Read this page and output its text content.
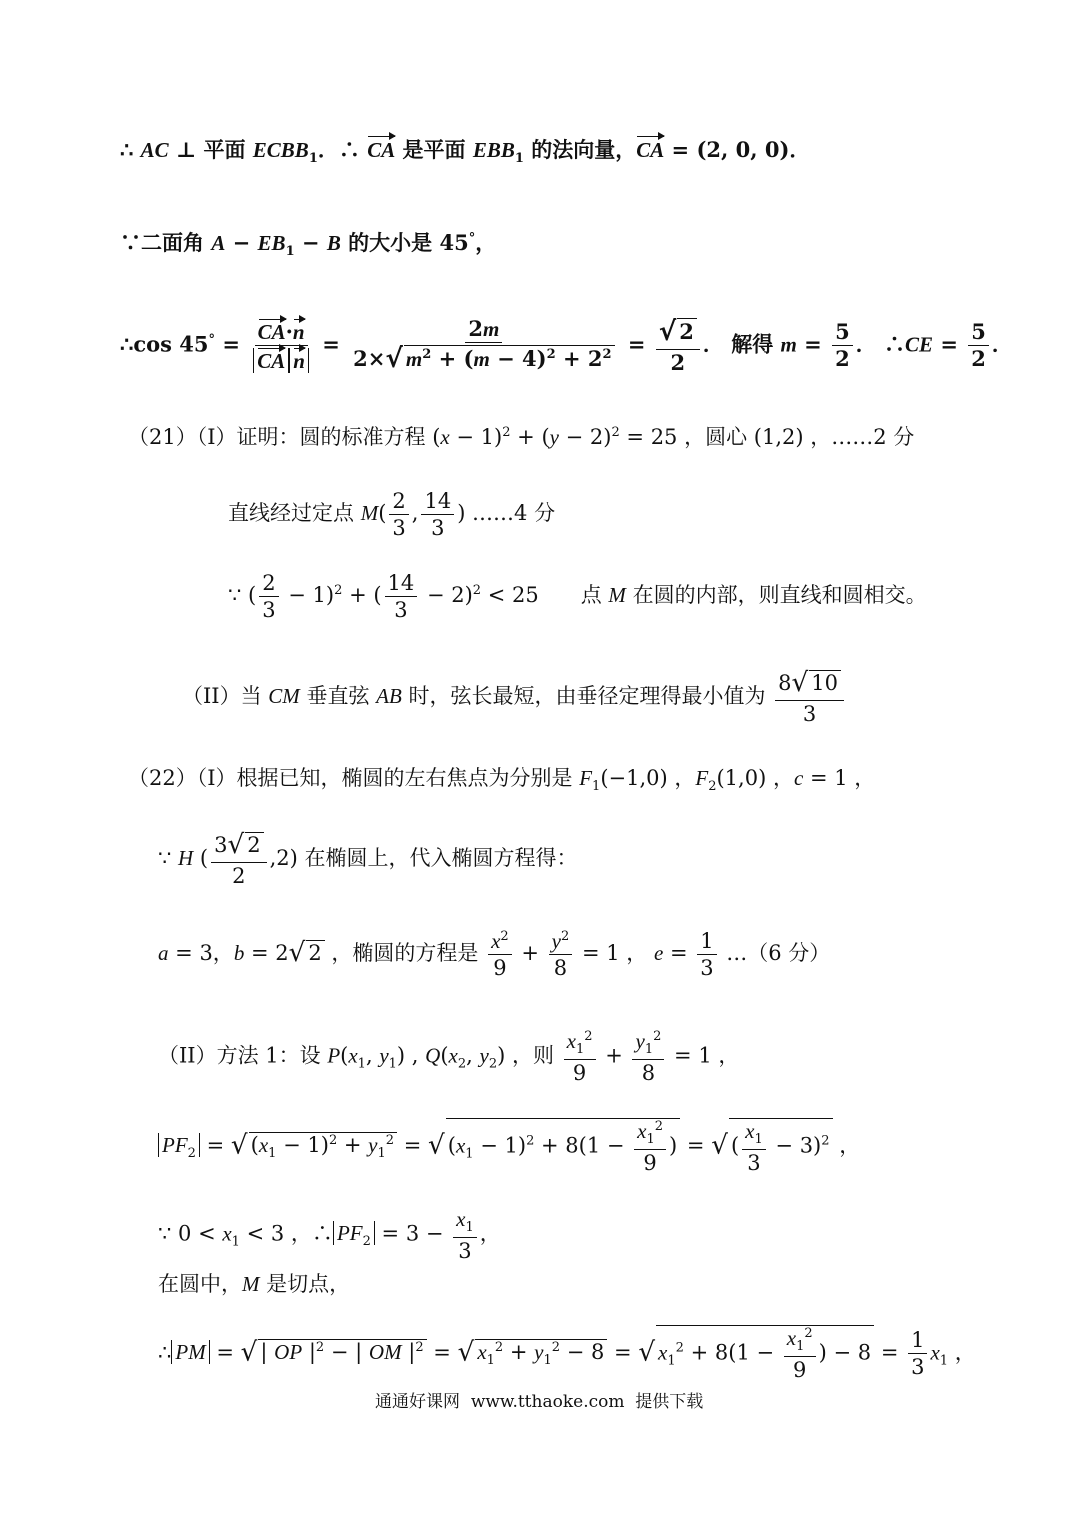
∴ AC ⊥ 平面 $ECBB_1$．∴ CA 是平面 $EBB_1$ 的法向量，CA = (2, 0, 0)．
∵二面角 $A - EB_1 - B$ 的大小是 45°，
∴cos $45^\circ = \frac{CA\cdot n}{\text{CA n}} = \frac{2m}{2\times√ m^2 + (m - 4)^2 + 2^2} = \frac{√ 2}{2}$ ． 解得 $m = \frac{5}{2}$ ． ∴CE = $\frac{5}{2}$ ．
（21）（I）证明：圆的标准方程 $(x - 1)^2 + (y - 2)^2 = 25$ ，圆心 (1,2) ，……2 分
直线经过定点 $M( \frac{2}{3}$ , $\frac{14}{3}$ ) ……4 分
∵ ( $\frac{2}{3} - 1)^2$ + ( $\frac{14}{3} - 2)^2 < 25$　　点 M 在圆的内部，则直线和圆相交。
（II）当 CM 垂直弦 AB 时，弦长最短，由垂径定理得最小值为 $\frac{8√ 10}{3}$
（22）（I）根据已知，椭圆的左右焦点为分别是 $F_1(-1,0)$ ，$F_2(1,0)$ ，c = 1 ，
∵ H ( $\frac{3√ 2}{2} ,2$) 在椭圆上，代入椭圆方程得：
a = 3，b = 2√ 2 ，椭圆的方程是 $\frac{x^2}{9} + \frac{y^2}{8} = 1$ ， $e = \frac{1}{3}$ …（6 分）
（II）方法 1：设 $P(x_1$, $y_1$) , $Q(x_2$, $y_2$) ，则 $\frac{x_1^2}{9} + \frac{y_1^2}{8} = 1$ ，
$PF_2$ = √ $(x_1 - 1)^2 + y_1^2$ = √ $(x_1 - 1)^2 + 8(1 - \frac{x_1^2}{9}$ ) = √ ( $\frac{x_1}{3} - 3)^2$ ，
∵ $0 < x_1 < 3$ ，∴ $PF_2 = 3 - \frac{x_1}{3}$ ，
在圆中，M 是切点，
∴ PM = √ | OP $|^2$ − | OM $|^2$ = √ $x_1^2 + y_1^2 - 8$ = √ $x_1^2 + 8(1 - \frac{x_1^2}{9}$ ) − $8 = \frac{1}{3} x_1$ ，
通通好课网 www.tthaoke.com 提供下载
